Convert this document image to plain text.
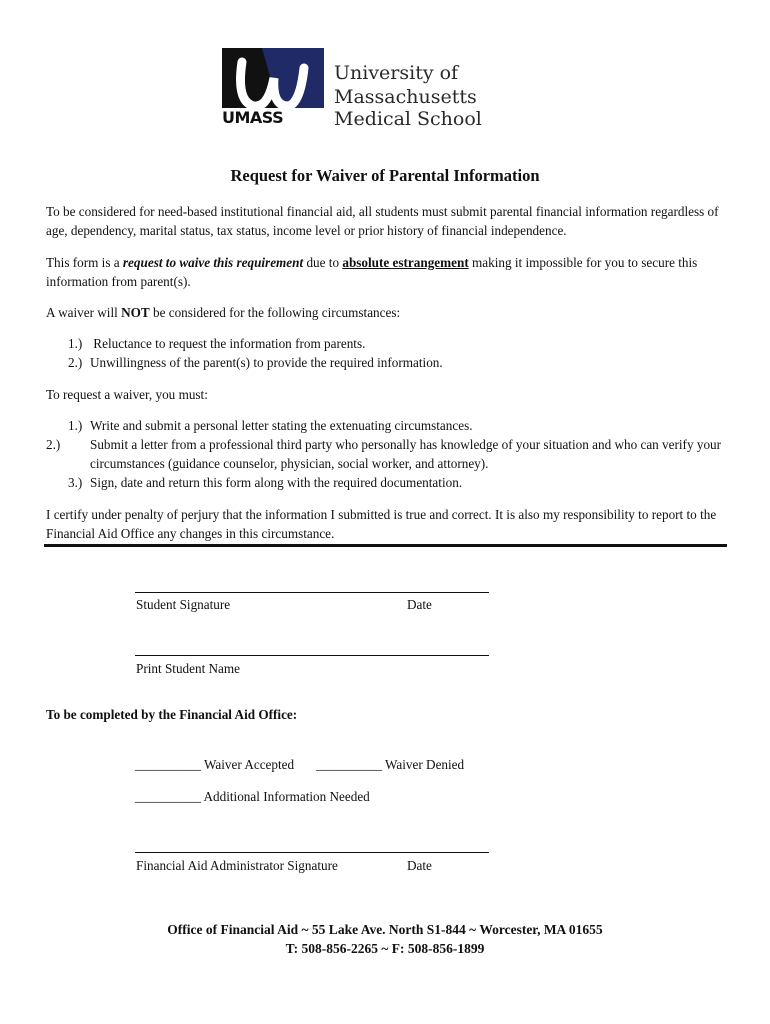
UMASS
University of
Massachusetts
Medical School
Request for Waiver of Parental Information
To be considered for need-based institutional financial aid, all students must submit parental financial information regardless of age, dependency, marital status, tax status, income level or prior history of financial independence.
This form is a request to waive this requirement due to absolute estrangement making it impossible for you to secure this information from parent(s).
A waiver will NOT be considered for the following circumstances:
1.) Reluctance to request the information from parents.
2.) Unwillingness of the parent(s) to provide the required information.
To request a waiver, you must:
1.) Write and submit a personal letter stating the extenuating circumstances.
2.) Submit a letter from a professional third party who personally has knowledge of your situation and who can verify your circumstances (guidance counselor, physician, social worker, and attorney).
3.) Sign, date and return this form along with the required documentation.
I certify under penalty of perjury that the information I submitted is true and correct. It is also my responsibility to report to the Financial Aid Office any changes in this circumstance.
Student Signature	Date
Print Student Name
To be completed by the Financial Aid Office:
__________ Waiver Accepted __________ Waiver Denied
__________ Additional Information Needed
Financial Aid Administrator Signature	Date
Office of Financial Aid ~ 55 Lake Ave. North S1-844 ~ Worcester, MA 01655
T: 508-856-2265 ~ F: 508-856-1899
